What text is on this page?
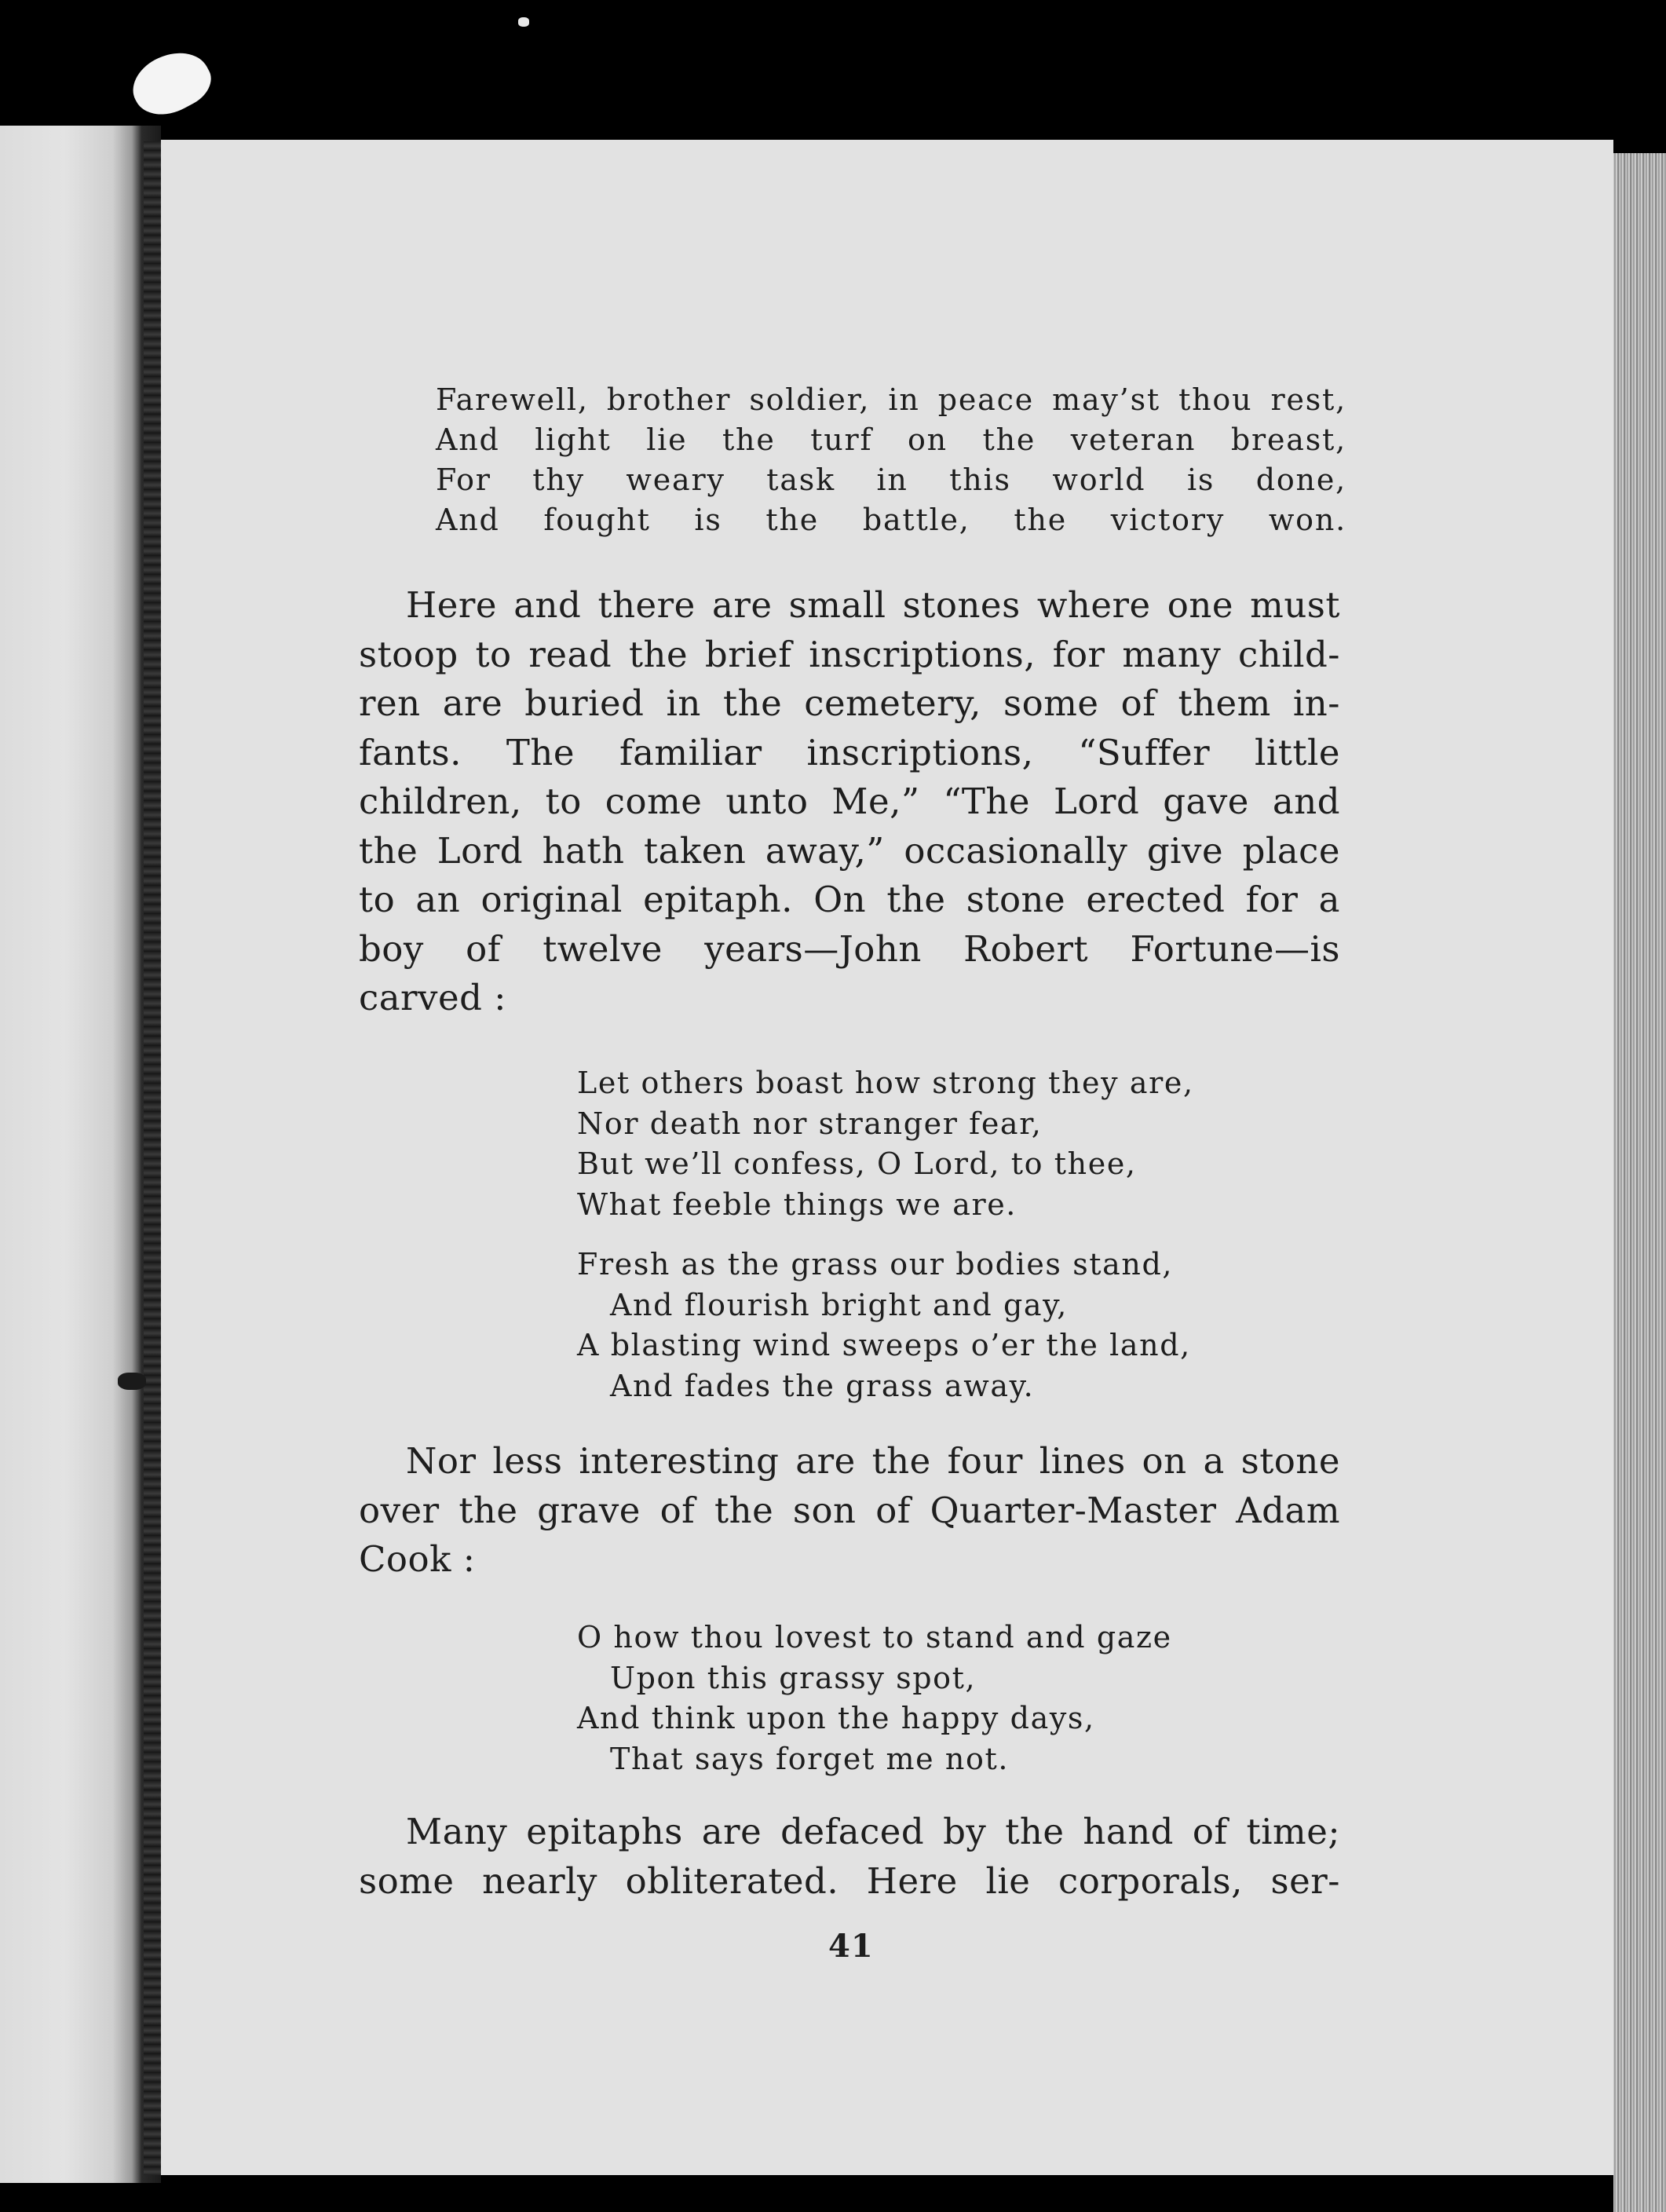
Farewell, brother soldier, in peace may’st thou rest,
And light lie the turf on the veteran breast,
For thy weary task in this world is done,
And fought is the battle, the victory won.
Here and there are small stones where one must
stoop to read the brief inscriptions, for many child-
ren are buried in the cemetery, some of them in-
fants. The familiar inscriptions, “Suffer little
children, to come unto Me,” “The Lord gave and
the Lord hath taken away,” occasionally give place
to an original epitaph. On the stone erected for a
boy of twelve years—John Robert Fortune—is
carved :
Let others boast how strong they are,
Nor death nor stranger fear,
But we’ll confess, O Lord, to thee,
What feeble things we are.
Fresh as the grass our bodies stand,
And flourish bright and gay,
A blasting wind sweeps o’er the land,
And fades the grass away.
Nor less interesting are the four lines on a stone
over the grave of the son of Quarter-Master Adam
Cook :
O how thou lovest to stand and gaze
Upon this grassy spot,
And think upon the happy days,
That says forget me not.
Many epitaphs are defaced by the hand of time;
some nearly obliterated. Here lie corporals, ser-
41
